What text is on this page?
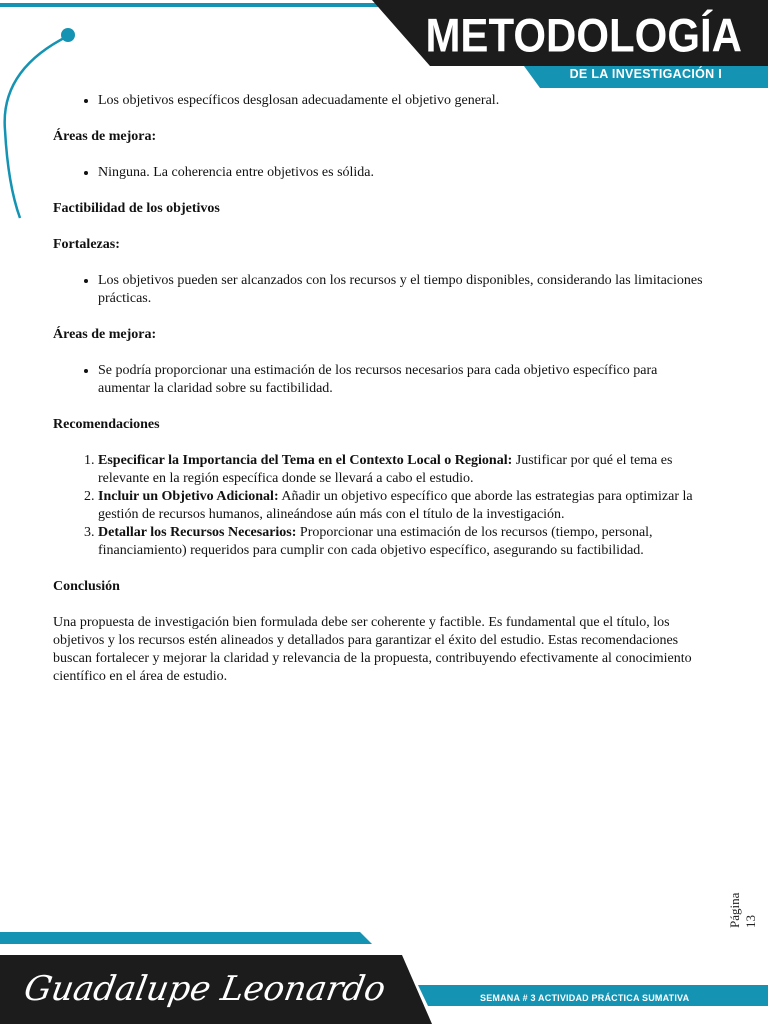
METODOLOGÍA
DE LA INVESTIGACIÓN I
• Los objetivos específicos desglosan adecuadamente el objetivo general.

Áreas de mejora:

• Ninguna. La coherencia entre objetivos es sólida.

Factibilidad de los objetivos

Fortalezas:

• Los objetivos pueden ser alcanzados con los recursos y el tiempo disponibles, considerando las limitaciones prácticas.

Áreas de mejora:

• Se podría proporcionar una estimación de los recursos necesarios para cada objetivo específico para aumentar la claridad sobre su factibilidad.

Recomendaciones

1. Especificar la Importancia del Tema en el Contexto Local o Regional: Justificar por qué el tema es relevante en la región específica donde se llevará a cabo el estudio.
2. Incluir un Objetivo Adicional: Añadir un objetivo específico que aborde las estrategias para optimizar la gestión de recursos humanos, alineándose aún más con el título de la investigación.
3. Detallar los Recursos Necesarios: Proporcionar una estimación de los recursos (tiempo, personal, financiamiento) requeridos para cumplir con cada objetivo específico, asegurando su factibilidad.

Conclusión

Una propuesta de investigación bien formulada debe ser coherente y factible. Es fundamental que el título, los objetivos y los recursos estén alineados y detallados para garantizar el éxito del estudio. Estas recomendaciones buscan fortalecer y mejorar la claridad y relevancia de la propuesta, contribuyendo efectivamente al conocimiento científico en el área de estudio.

Página 13
Guadalupe Leonardo	SEMANA # 3 ACTIVIDAD PRÁCTICA SUMATIVA
